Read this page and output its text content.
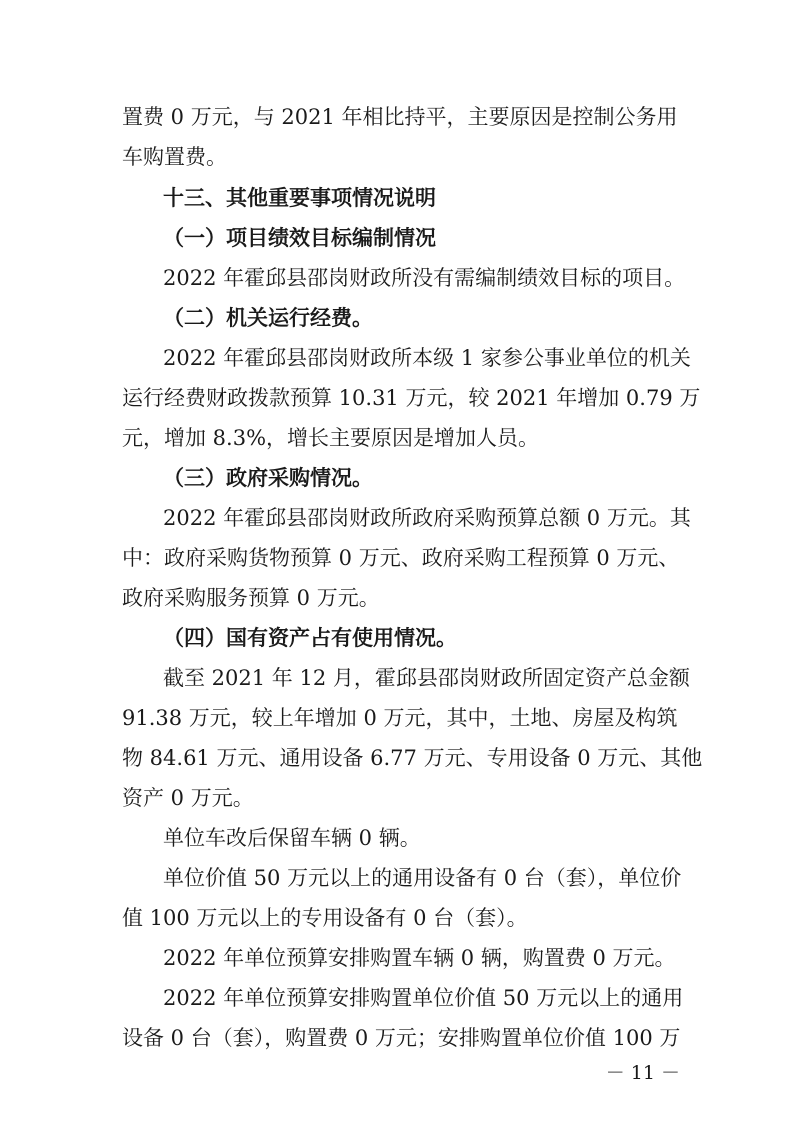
置费 0 万元，与 2021 年相比持平，主要原因是控制公务用
车购置费。
十三、其他重要事项情况说明
（一）项目绩效目标编制情况
2022 年霍邱县邵岗财政所没有需编制绩效目标的项目。
（二）机关运行经费。
2022 年霍邱县邵岗财政所本级 1 家参公事业单位的机关
运行经费财政拨款预算 10.31 万元，较 2021 年增加 0.79 万
元，增加 8.3%，增长主要原因是增加人员。
（三）政府采购情况。
2022 年霍邱县邵岗财政所政府采购预算总额 0 万元。其
中：政府采购货物预算 0 万元、政府采购工程预算 0 万元、
政府采购服务预算 0 万元。
（四）国有资产占有使用情况。
截至 2021 年 12 月，霍邱县邵岗财政所固定资产总金额
91.38 万元，较上年增加 0 万元，其中，土地、房屋及构筑
物 84.61 万元、通用设备 6.77 万元、专用设备 0 万元、其他
资产 0 万元。
单位车改后保留车辆 0 辆。
单位价值 50 万元以上的通用设备有 0 台（套），单位价
值 100 万元以上的专用设备有 0 台（套）。
2022 年单位预算安排购置车辆 0 辆，购置费 0 万元。
2022 年单位预算安排购置单位价值 50 万元以上的通用
设备 0 台（套），购置费 0 万元；安排购置单位价值 100 万
－ 11 －
